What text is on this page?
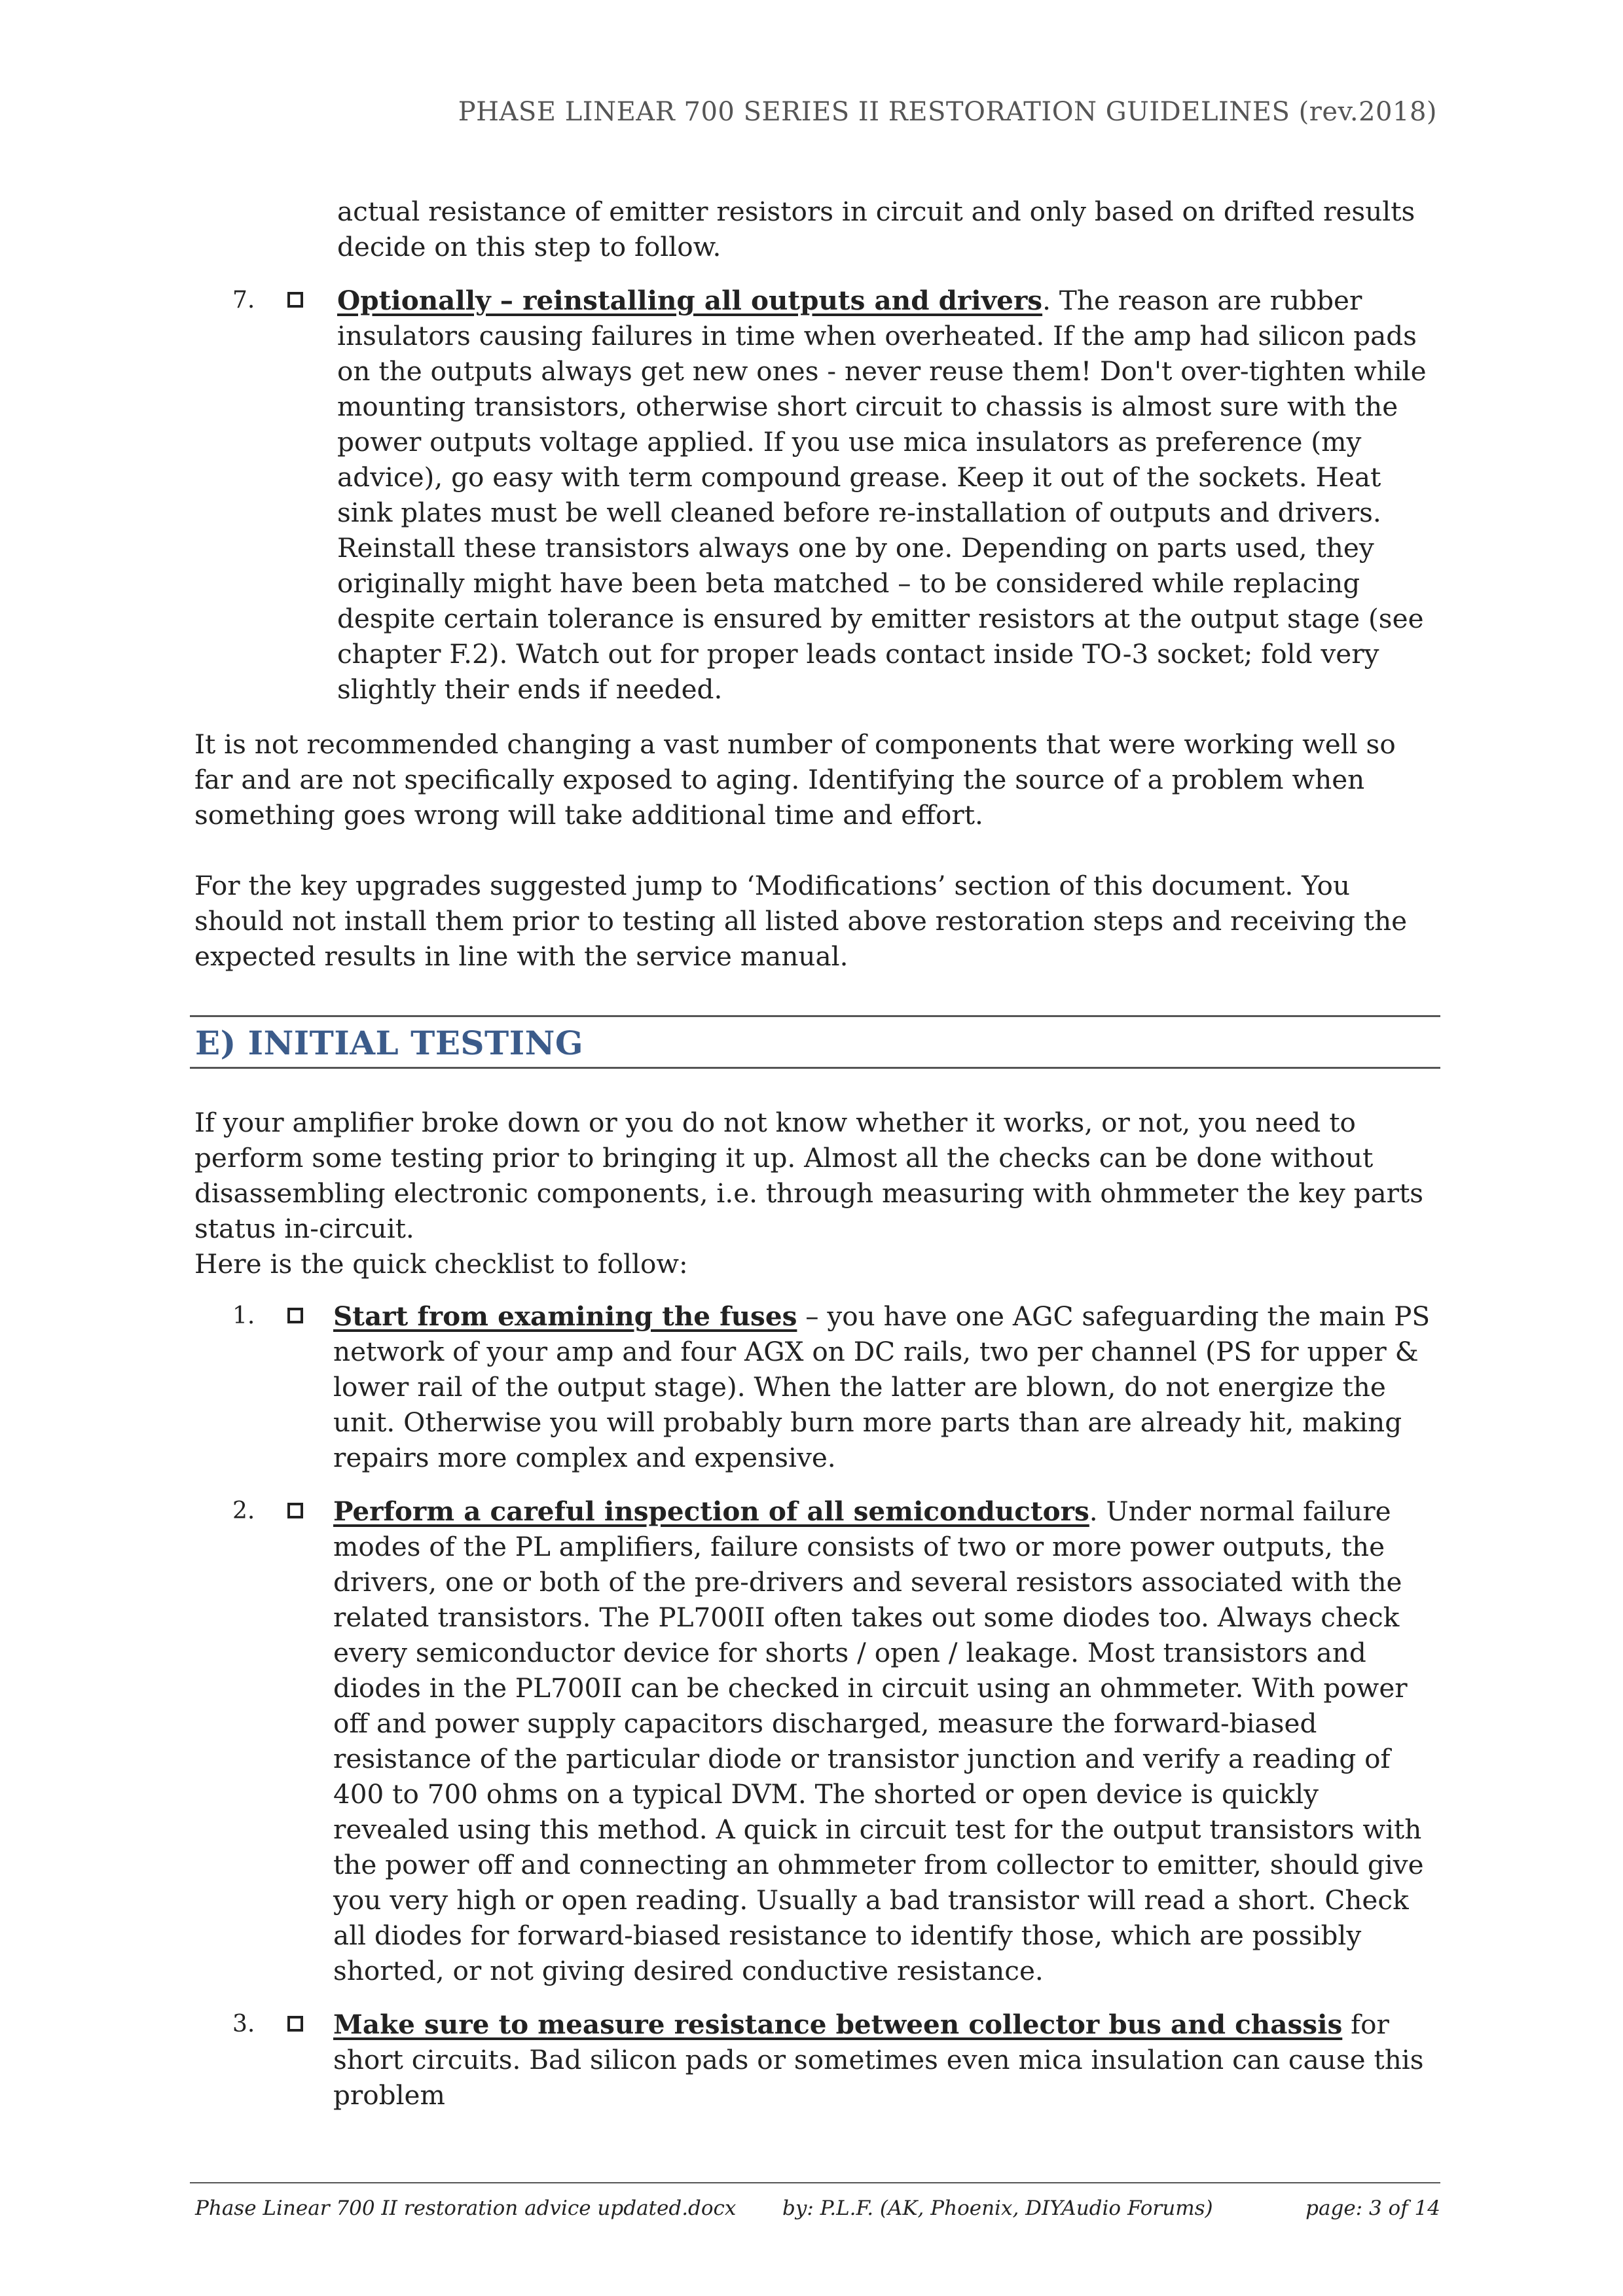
PHASE LINEAR 700 SERIES II RESTORATION GUIDELINES (rev.2018)
actual resistance of emitter resistors in circuit and only based on drifted results decide on this step to follow.
7.	Optionally – reinstalling all outputs and drivers. The reason are rubber insulators causing failures in time when overheated. If the amp had silicon pads on the outputs always get new ones - never reuse them! Don't over-tighten while mounting transistors, otherwise short circuit to chassis is almost sure with the power outputs voltage applied. If you use mica insulators as preference (my advice), go easy with term compound grease. Keep it out of the sockets. Heat sink plates must be well cleaned before re-installation of outputs and drivers. Reinstall these transistors always one by one. Depending on parts used, they originally might have been beta matched – to be considered while replacing despite certain tolerance is ensured by emitter resistors at the output stage (see chapter F.2). Watch out for proper leads contact inside TO-3 socket; fold very slightly their ends if needed.
It is not recommended changing a vast number of components that were working well so far and are not specifically exposed to aging. Identifying the source of a problem when something goes wrong will take additional time and effort.
For the key upgrades suggested jump to ‘Modifications’ section of this document. You should not install them prior to testing all listed above restoration steps and receiving the expected results in line with the service manual.
E) INITIAL TESTING
If your amplifier broke down or you do not know whether it works, or not, you need to perform some testing prior to bringing it up. Almost all the checks can be done without disassembling electronic components, i.e. through measuring with ohmmeter the key parts status in-circuit.
Here is the quick checklist to follow:
1.	Start from examining the fuses – you have one AGC safeguarding the main PS network of your amp and four AGX on DC rails, two per channel (PS for upper & lower rail of the output stage). When the latter are blown, do not energize the unit. Otherwise you will probably burn more parts than are already hit, making repairs more complex and expensive.
2.	Perform a careful inspection of all semiconductors. Under normal failure modes of the PL amplifiers, failure consists of two or more power outputs, the drivers, one or both of the pre-drivers and several resistors associated with the related transistors. The PL700II often takes out some diodes too. Always check every semiconductor device for shorts / open / leakage. Most transistors and diodes in the PL700II can be checked in circuit using an ohmmeter. With power off and power supply capacitors discharged, measure the forward-biased resistance of the particular diode or transistor junction and verify a reading of 400 to 700 ohms on a typical DVM. The shorted or open device is quickly revealed using this method. A quick in circuit test for the output transistors with the power off and connecting an ohmmeter from collector to emitter, should give you very high or open reading. Usually a bad transistor will read a short. Check all diodes for forward-biased resistance to identify those, which are possibly shorted, or not giving desired conductive resistance.
3.	Make sure to measure resistance between collector bus and chassis for short circuits. Bad silicon pads or sometimes even mica insulation can cause this problem
Phase Linear 700 II restoration advice updated.docx by: P.L.F. (AK, Phoenix, DIYAudio Forums)	page: 3 of 14
